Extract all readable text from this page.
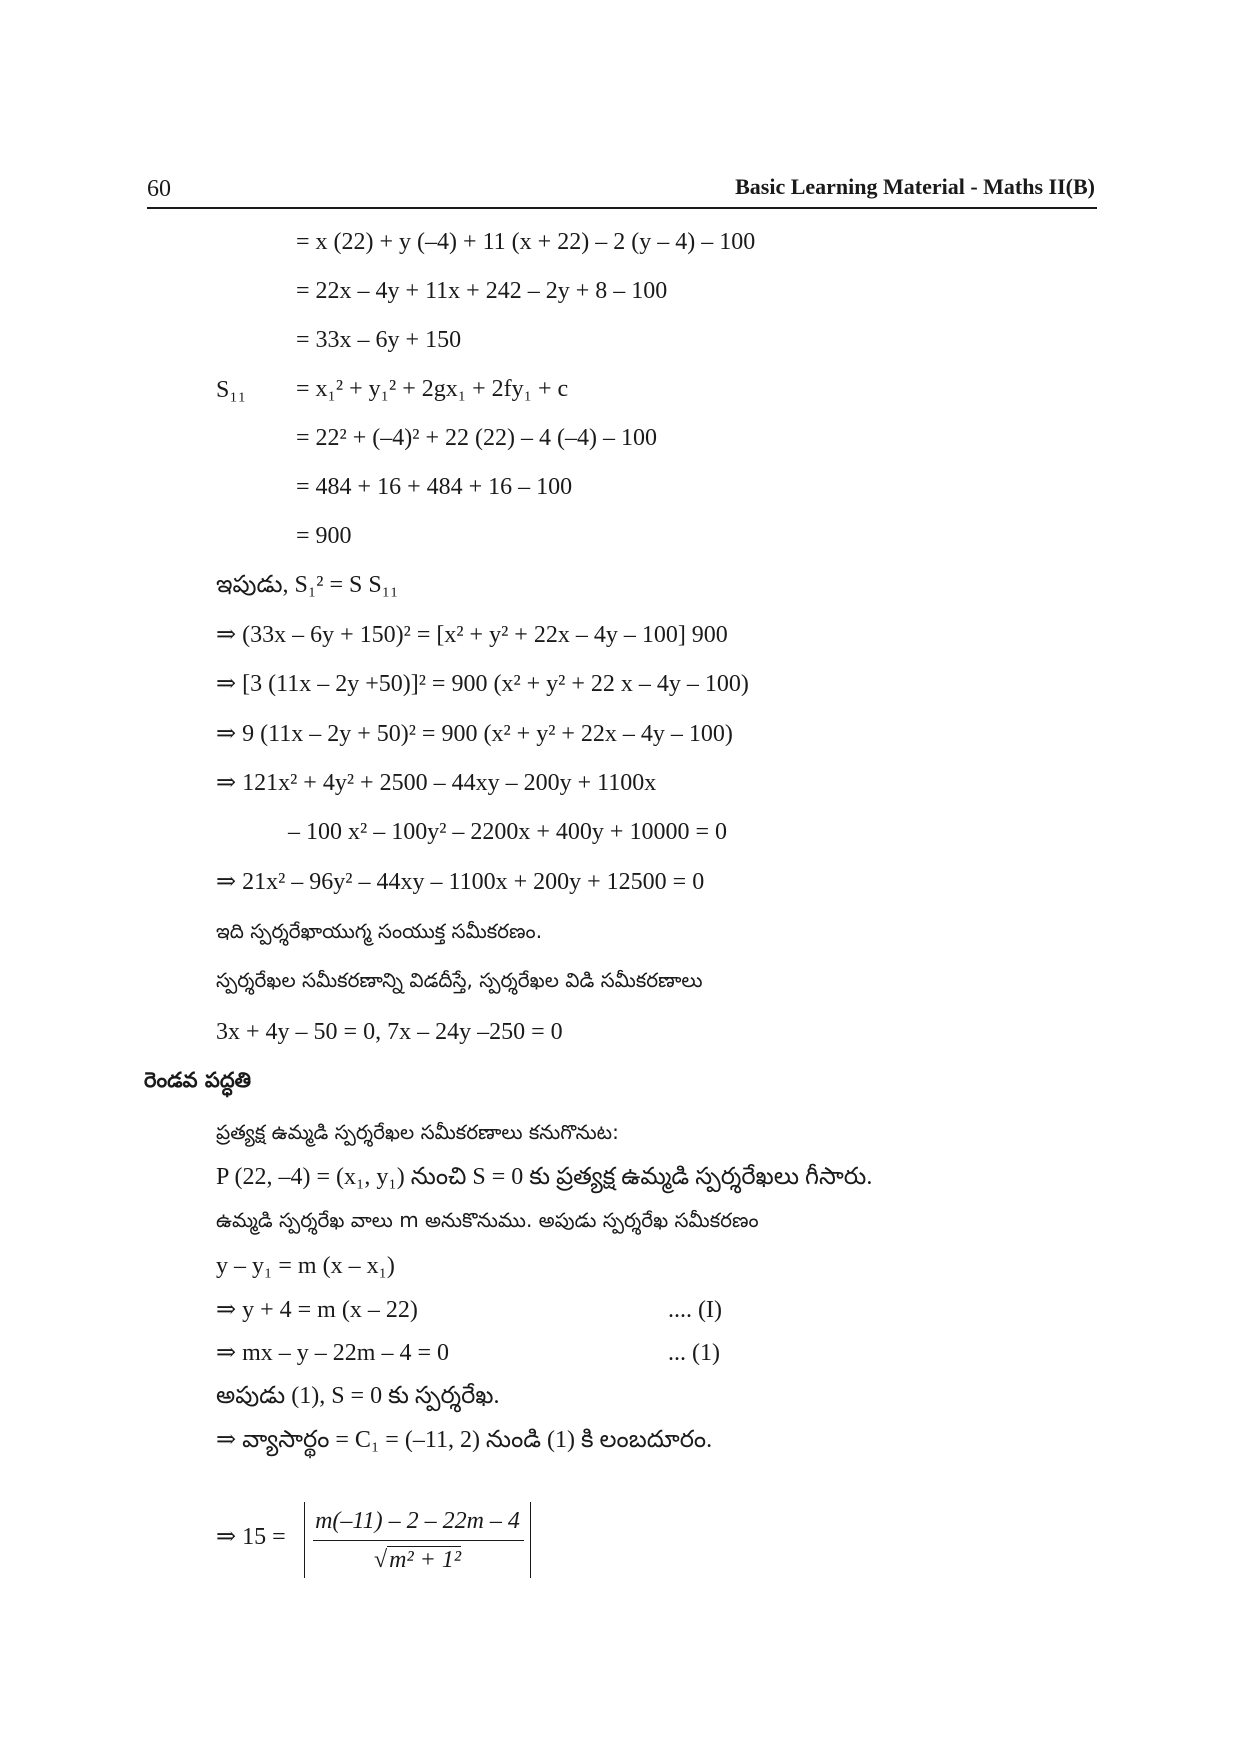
60	Basic Learning Material - Maths II(B)
= x (22) + y (–4) + 11 (x + 22) – 2 (y – 4) – 100
= 22x – 4y + 11x + 242 – 2y + 8 – 100
= 33x – 6y + 150
S₁₁ = x₁² + y₁² + 2gx₁ + 2fy₁ + c
= 22² + (–4)² + 22 (22) – 4 (–4) – 100
= 484 + 16 + 484 + 16 – 100
= 900
ఇపుడు, S₁² = S S₁₁
⇒ (33x – 6y + 150)² = [x² + y² + 22x – 4y – 100] 900
⇒ [3 (11x – 2y +50)]² = 900 (x² + y² + 22 x – 4y – 100)
⇒ 9 (11x – 2y + 50)² = 900 (x² + y² + 22x – 4y – 100)
⇒ 121x² + 4y² + 2500 – 44xy – 200y + 1100x
– 100 x² – 100y² – 2200x + 400y + 10000 = 0
⇒ 21x² – 96y² – 44xy – 1100x + 200y + 12500 = 0
ఇది స్పర్శరేఖాయుగ్మ సంయుక్త సమీకరణం.
స్పర్శరేఖల సమీకరణాన్ని విడదీస్తే, స్పర్శరేఖల విడి సమీకరణాలు
3x + 4y – 50 = 0, 7x – 24y –250 = 0
రెండవ పద్ధతి
ప్రత్యక్ష ఉమ్మడి స్పర్శరేఖల సమీకరణాలు కనుగొనుట:
P (22, –4) = (x₁, y₁) నుంచి S = 0 కు ప్రత్యక్ష ఉమ్మడి స్పర్శరేఖలు గీసారు.
ఉమ్మడి స్పర్శరేఖ వాలు m అనుకొనుము. అపుడు స్పర్శరేఖ సమీకరణం
y – y₁ = m (x – x₁)
⇒ y + 4 = m (x – 22)	.... (I)
⇒ mx – y – 22m – 4 = 0	... (1)
అపుడు (1), S = 0 కు స్పర్శరేఖ.
⇒ వ్యాసార్థం = C₁ = (–11, 2) నుండి (1) కి లంబదూరం.
⇒ 15 =
m(–11) – 2 – 22m – 4
√m² + 1²
